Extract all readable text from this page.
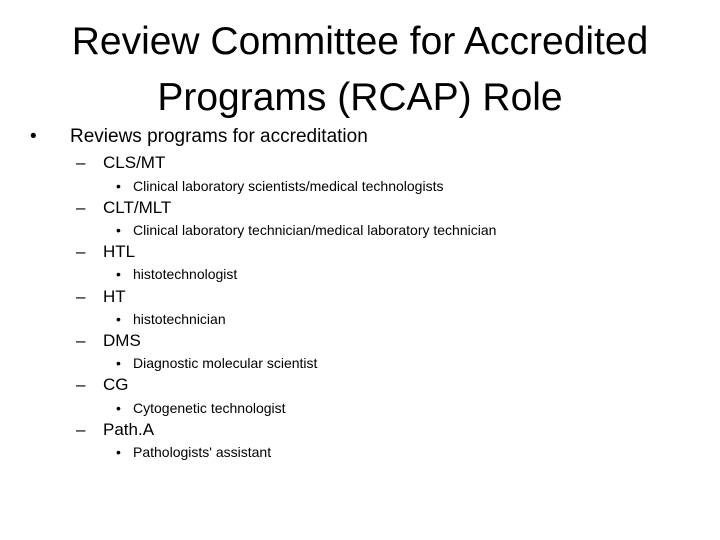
Review Committee for Accredited
Programs (RCAP) Role
• Reviews programs for accreditation
– CLS/MT
• Clinical laboratory scientists/medical technologists
– CLT/MLT
• Clinical laboratory technician/medical laboratory technician
– HTL
• histotechnologist
– HT
• histotechnician
– DMS
• Diagnostic molecular scientist
– CG
• Cytogenetic technologist
– Path.A
• Pathologists' assistant
